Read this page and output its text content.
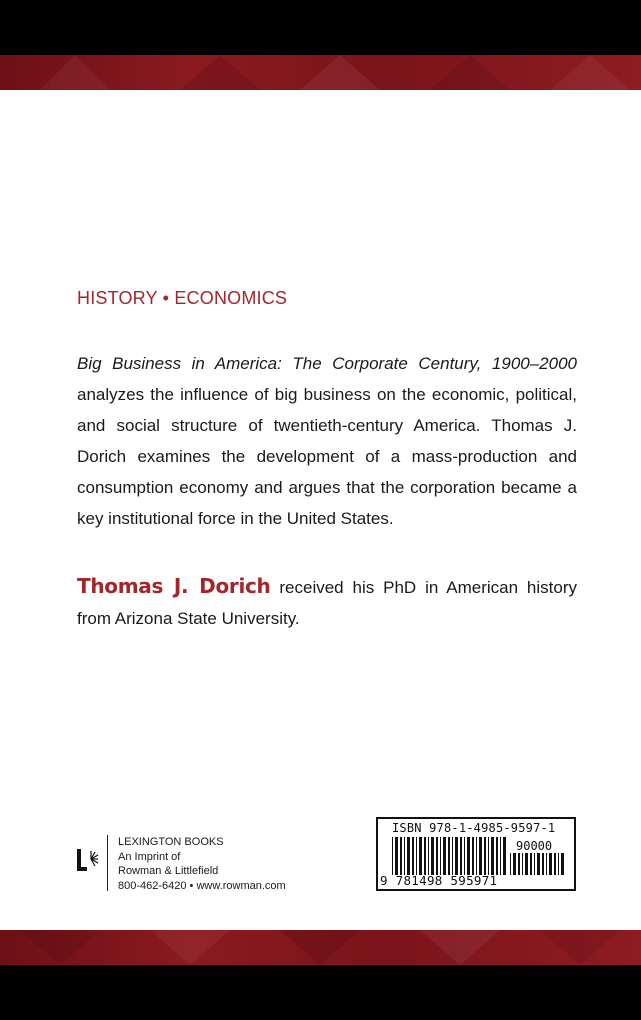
HISTORY • ECONOMICS
Big Business in America: The Corporate Century, 1900–2000 analyzes the influence of big business on the economic, political, and social structure of twentieth-century America. Thomas J. Dorich examines the development of a mass-production and consumption economy and argues that the corporation became a key institutional force in the United States.
Thomas J. Dorich received his PhD in American history from Arizona State University.
LEXINGTON BOOKS
An Imprint of
Rowman & Littlefield
800-462-6420 • www.rowman.com
ISBN 978-1-4985-9597-1
90000
9 781498 595971
